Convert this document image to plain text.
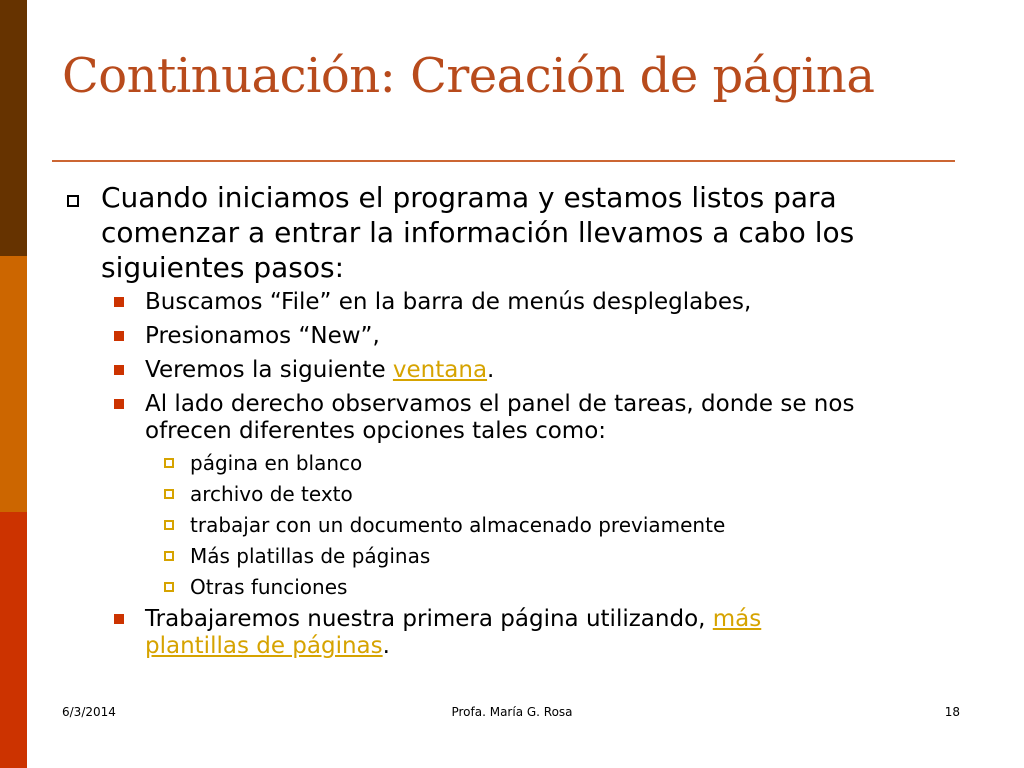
Continuación: Creación de página
Cuando iniciamos el programa y estamos listos para comenzar a entrar la información llevamos a cabo los siguientes pasos:
Buscamos “File” en la barra de menús despleglabes,
Presionamos “New”,
Veremos la siguiente ventana.
Al lado derecho observamos el panel de tareas, donde se nos ofrecen diferentes opciones tales como:
página en blanco
archivo de texto
trabajar con un documento almacenado previamente
Más platillas de páginas
Otras funciones
Trabajaremos nuestra primera página utilizando, más
plantillas de páginas.
6/3/2014	Profa. María G. Rosa	18
